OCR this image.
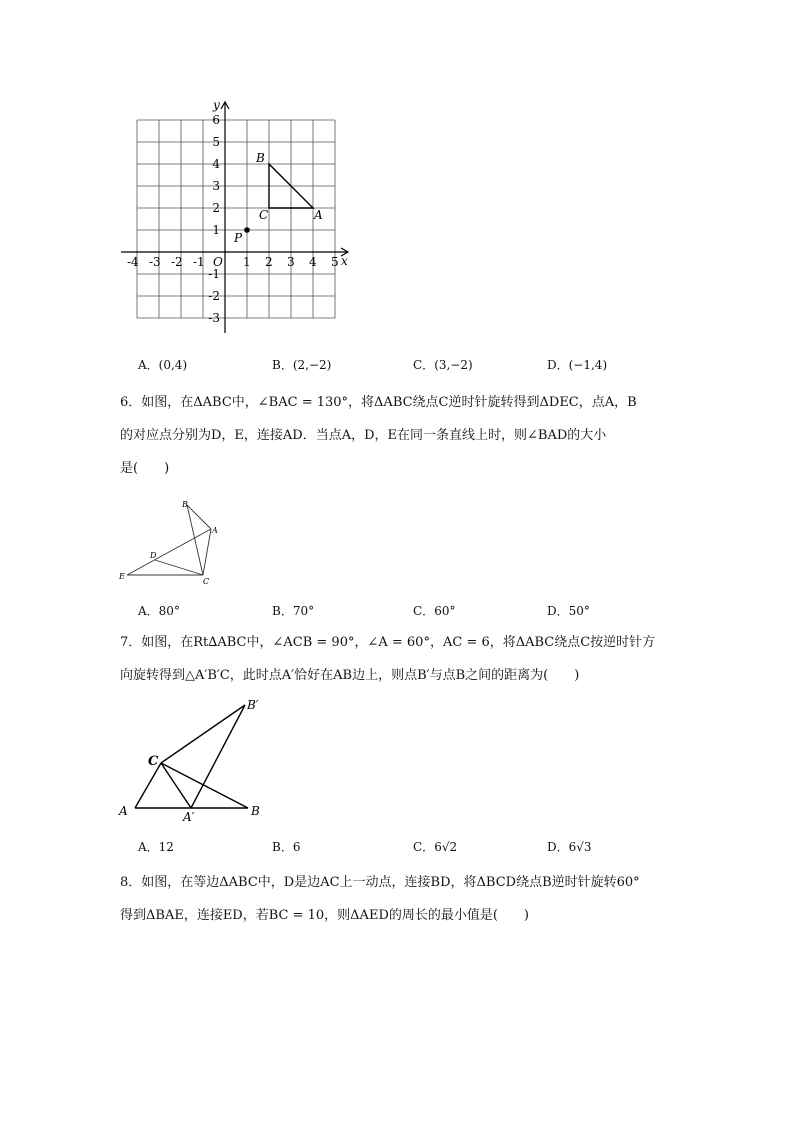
y
x
O
-4 -3 -2 -1	1 2 3 4 5
6
5
4
3
2
1
-1
-2
-3
B
C	A
P
A．(0,4)	B．(2,−2)	C．(3,−2)	D．(−1,4)
6．如图，在ΔABC中，∠BAC = 130°，将ΔABC绕点C逆时针旋转得到ΔDEC，点A，B
的对应点分别为D，E，连接AD．当点A，D，E在同一条直线上时，则∠BAD的大小
是(　　)
B
A
D
E
C
A．80°	B．70°	C．60°	D．50°
7．如图，在Rt∆ABC中，∠ACB = 90°，∠A = 60°，AC = 6，将ΔABC绕点C按逆时针方
向旋转得到△A′B′C，此时点A′恰好在AB边上，则点B′与点B之间的距离为(　　)
B′
C
A	A′	B
A．12	B．6	C．6√2	D．6√3
8．如图，在等边ΔABC中，D是边AC上一动点，连接BD，将ΔBCD绕点B逆时针旋转60°
得到ΔBAE，连接ED，若BC = 10，则ΔAED的周长的最小值是(　　)
